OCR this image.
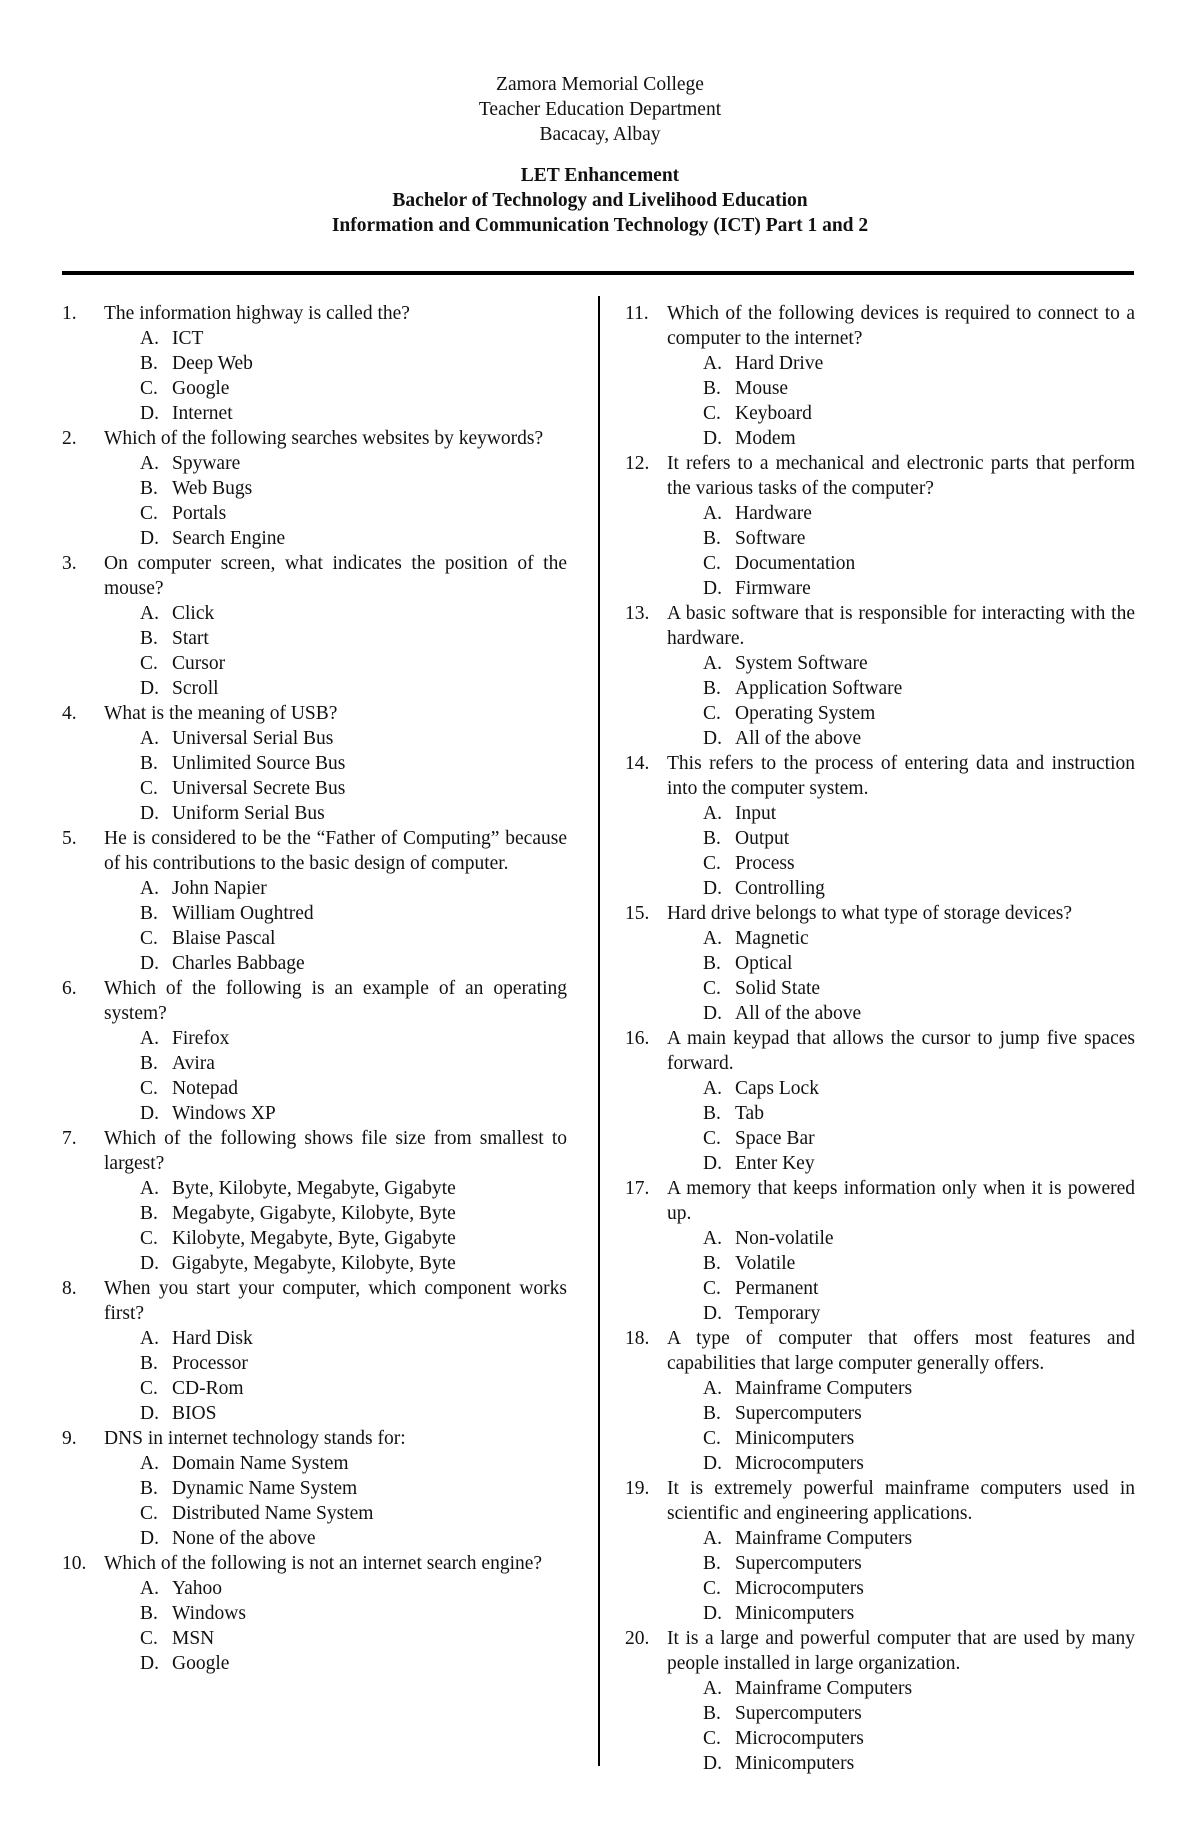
Zamora Memorial College
Teacher Education Department
Bacacay, Albay
LET Enhancement
Bachelor of Technology and Livelihood Education
Information and Communication Technology (ICT) Part 1 and 2
1.	The information highway is called the?
A. ICT
B. Deep Web
C. Google
D. Internet
2.	Which of the following searches websites by keywords?
A. Spyware
B. Web Bugs
C. Portals
D. Search Engine
3.	On computer screen, what indicates the position of the mouse?
A. Click
B. Start
C. Cursor
D. Scroll
4.	What is the meaning of USB?
A. Universal Serial Bus
B. Unlimited Source Bus
C. Universal Secrete Bus
D. Uniform Serial Bus
5.	He is considered to be the “Father of Computing” because of his contributions to the basic design of computer.
A. John Napier
B. William Oughtred
C. Blaise Pascal
D. Charles Babbage
6.	Which of the following is an example of an operating system?
A. Firefox
B. Avira
C. Notepad
D. Windows XP
7.	Which of the following shows file size from smallest to largest?
A. Byte, Kilobyte, Megabyte, Gigabyte
B. Megabyte, Gigabyte, Kilobyte, Byte
C. Kilobyte, Megabyte, Byte, Gigabyte
D. Gigabyte, Megabyte, Kilobyte, Byte
8.	When you start your computer, which component works first?
A. Hard Disk
B. Processor
C. CD-Rom
D. BIOS
9.	DNS in internet technology stands for:
A. Domain Name System
B. Dynamic Name System
C. Distributed Name System
D. None of the above
10. Which of the following is not an internet search engine?
A. Yahoo
B. Windows
C. MSN
D. Google
11. Which of the following devices is required to connect to a computer to the internet?
A. Hard Drive
B. Mouse
C. Keyboard
D. Modem
12. It refers to a mechanical and electronic parts that perform the various tasks of the computer?
A. Hardware
B. Software
C. Documentation
D. Firmware
13. A basic software that is responsible for interacting with the hardware.
A. System Software
B. Application Software
C. Operating System
D. All of the above
14. This refers to the process of entering data and instruction into the computer system.
A. Input
B. Output
C. Process
D. Controlling
15. Hard drive belongs to what type of storage devices?
A. Magnetic
B. Optical
C. Solid State
D. All of the above
16. A main keypad that allows the cursor to jump five spaces forward.
A. Caps Lock
B. Tab
C. Space Bar
D. Enter Key
17. A memory that keeps information only when it is powered up.
A. Non-volatile
B. Volatile
C. Permanent
D. Temporary
18. A type of computer that offers most features and capabilities that large computer generally offers.
A. Mainframe Computers
B. Supercomputers
C. Minicomputers
D. Microcomputers
19. It is extremely powerful mainframe computers used in scientific and engineering applications.
A. Mainframe Computers
B. Supercomputers
C. Microcomputers
D. Minicomputers
20. It is a large and powerful computer that are used by many people installed in large organization.
A. Mainframe Computers
B. Supercomputers
C. Microcomputers
D. Minicomputers
